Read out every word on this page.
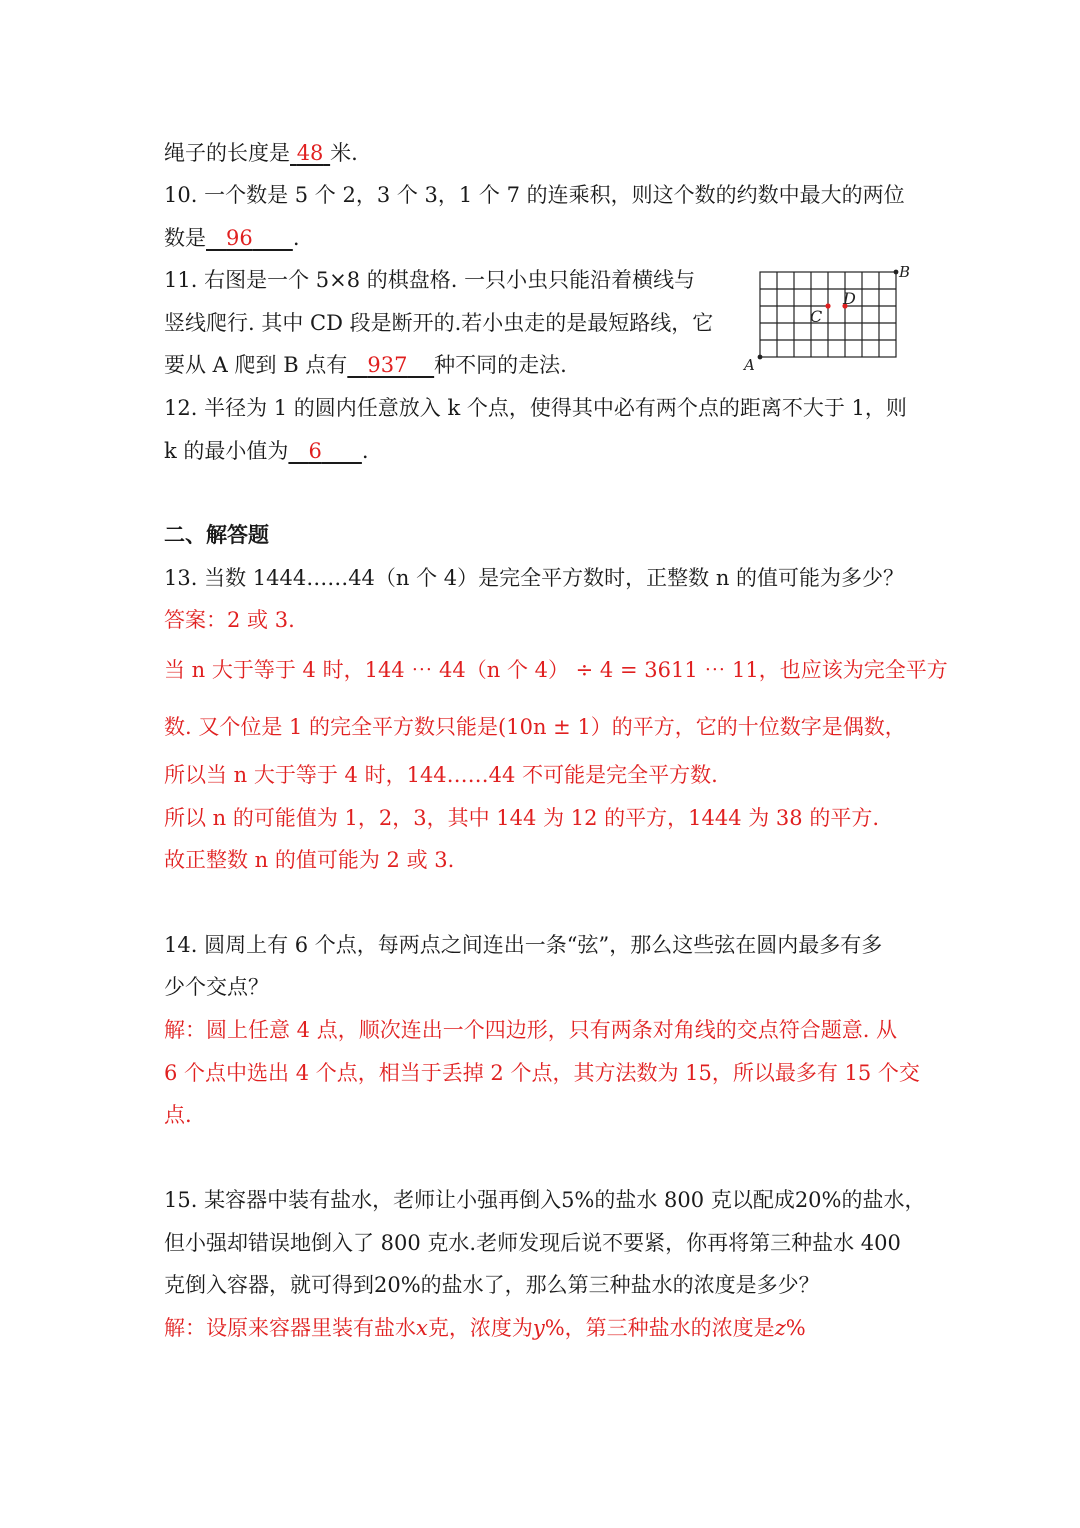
绳子的长度是 48 米.
10. 一个数是 5 个 2，3 个 3，1 个 7 的连乘积，则这个数的约数中最大的两位
数是 96 .
11. 右图是一个 5×8 的棋盘格. 一只小虫只能沿着横线与
竖线爬行. 其中 CD 段是断开的.若小虫走的是最短路线，它
要从 A 爬到 B 点有 937 种不同的走法.	A
B
C
D
12. 半径为 1 的圆内任意放入 k 个点，使得其中必有两个点的距离不大于 1，则
k 的最小值为 6 .
二、解答题
13. 当数 1444……44（n 个 4）是完全平方数时，正整数 n 的值可能为多少？
答案：2 或 3.
当 n 大于等于 4 时，144 ⋯ 44（n 个 4） ÷ 4 = 3611 ⋯ 11，也应该为完全平方
数. 又个位是 1 的完全平方数只能是(10n ± 1）的平方，它的十位数字是偶数，
所以当 n 大于等于 4 时，144……44 不可能是完全平方数.
所以 n 的可能值为 1，2，3，其中 144 为 12 的平方，1444 为 38 的平方.
故正整数 n 的值可能为 2 或 3.
14. 圆周上有 6 个点，每两点之间连出一条“弦”，那么这些弦在圆内最多有多
少个交点？
解：圆上任意 4 点，顺次连出一个四边形，只有两条对角线的交点符合题意. 从
6 个点中选出 4 个点，相当于丢掉 2 个点，其方法数为 15，所以最多有 15 个交
点.
15. 某容器中装有盐水，老师让小强再倒入5%的盐水 800 克以配成20%的盐水，
但小强却错误地倒入了 800 克水.老师发现后说不要紧，你再将第三种盐水 400
克倒入容器，就可得到20%的盐水了，那么第三种盐水的浓度是多少？
解：设原来容器里装有盐水x克，浓度为y%，第三种盐水的浓度是z%
